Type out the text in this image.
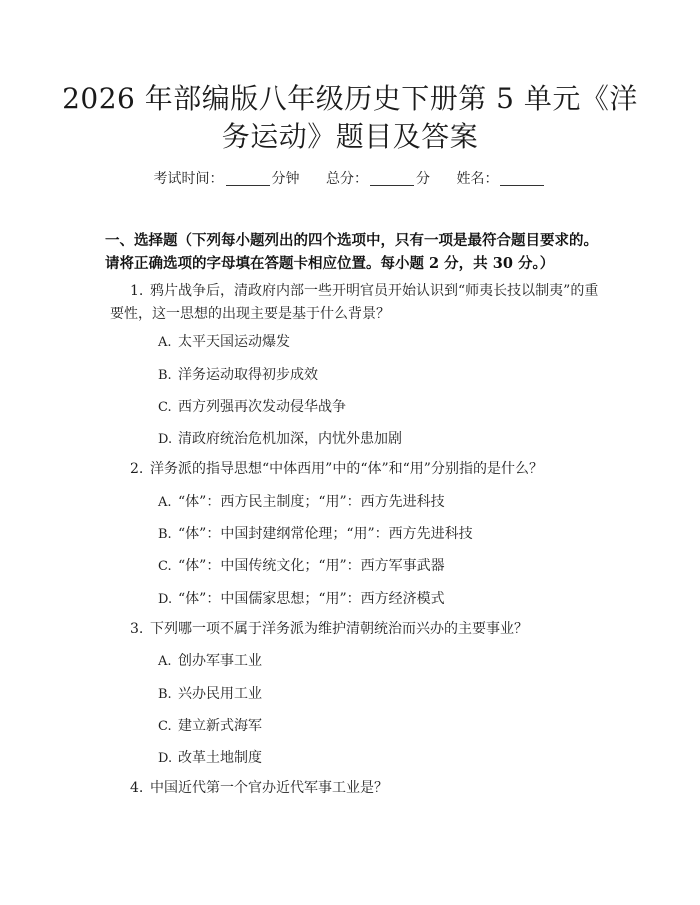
2026 年部编版八年级历史下册第 5 单元《洋
务运动》题目及答案
考试时间：	分钟 总分：	分 姓名：
一、选择题（下列每小题列出的四个选项中，只有一项是最符合题目要求的。请将正确选项的字母填在答题卡相应位置。每小题 2 分，共 30 分。）
1. 鸦片战争后，清政府内部一些开明官员开始认识到“师夷长技以制夷”的重要性，这一思想的出现主要是基于什么背景？
A. 太平天国运动爆发
B. 洋务运动取得初步成效
C. 西方列强再次发动侵华战争
D. 清政府统治危机加深，内忧外患加剧
2. 洋务派的指导思想“中体西用”中的“体”和“用”分别指的是什么？
A. “体”：西方民主制度；“用”：西方先进科技
B. “体”：中国封建纲常伦理；“用”：西方先进科技
C. “体”：中国传统文化；“用”：西方军事武器
D. “体”：中国儒家思想；“用”：西方经济模式
3. 下列哪一项不属于洋务派为维护清朝统治而兴办的主要事业？
A. 创办军事工业
B. 兴办民用工业
C. 建立新式海军
D. 改革土地制度
4. 中国近代第一个官办近代军事工业是？
